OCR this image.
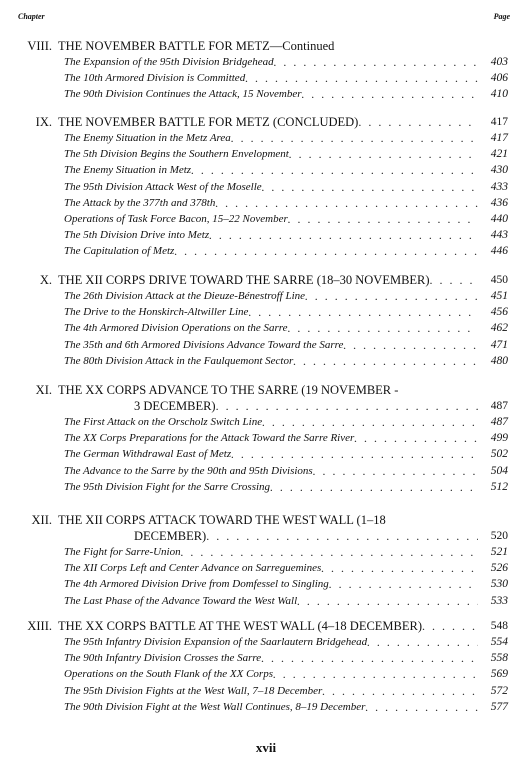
Chapter	Page
VIII. THE NOVEMBER BATTLE FOR METZ—Continued
The Expansion of the 95th Division Bridgehead . . .	403
The 10th Armored Division is Committed . . .	406
The 90th Division Continues the Attack, 15 November . . .	410
IX. THE NOVEMBER BATTLE FOR METZ (CONCLUDED) . . .	417
The Enemy Situation in the Metz Area . . .	417
The 5th Division Begins the Southern Envelopment . . .	421
The Enemy Situation in Metz . . .	430
The 95th Division Attack West of the Moselle . . .	433
The Attack by the 377th and 378th . . .	436
Operations of Task Force Bacon, 15–22 November . . .	440
The 5th Division Drive into Metz . . .	443
The Capitulation of Metz . . .	446
X. THE XII CORPS DRIVE TOWARD THE SARRE (18–30 NOVEMBER) . . .	450
The 26th Division Attack at the Dieuze-Bénestroff Line . . .	451
The Drive to the Honskirch-Altwiller Line . . .	456
The 4th Armored Division Operations on the Sarre . . .	462
The 35th and 6th Armored Divisions Advance Toward the Sarre . . .	471
The 80th Division Attack in the Faulquemont Sector . . .	480
XI. THE XX CORPS ADVANCE TO THE SARRE (19 NOVEMBER -
3 DECEMBER) . . .	487
The First Attack on the Orscholz Switch Line . . .	487
The XX Corps Preparations for the Attack Toward the Sarre River . . .	499
The German Withdrawal East of Metz . . .	502
The Advance to the Sarre by the 90th and 95th Divisions . . .	504
The 95th Division Fight for the Sarre Crossing . . .	512
XII. THE XII CORPS ATTACK TOWARD THE WEST WALL (1–18
DECEMBER) . . .	520
The Fight for Sarre-Union . . .	521
The XII Corps Left and Center Advance on Sarreguemines . . .	526
The 4th Armored Division Drive from Domfessel to Singling . . .	530
The Last Phase of the Advance Toward the West Wall . . .	533
XIII. THE XX CORPS BATTLE AT THE WEST WALL (4–18 DECEMBER) . . .	548
The 95th Infantry Division Expansion of the Saarlautern Bridgehead . . .	554
The 90th Infantry Division Crosses the Sarre . . .	558
Operations on the South Flank of the XX Corps . . .	569
The 95th Division Fights at the West Wall, 7–18 December . . .	572
The 90th Division Fight at the West Wall Continues, 8–19 December . . .	577
xvii
